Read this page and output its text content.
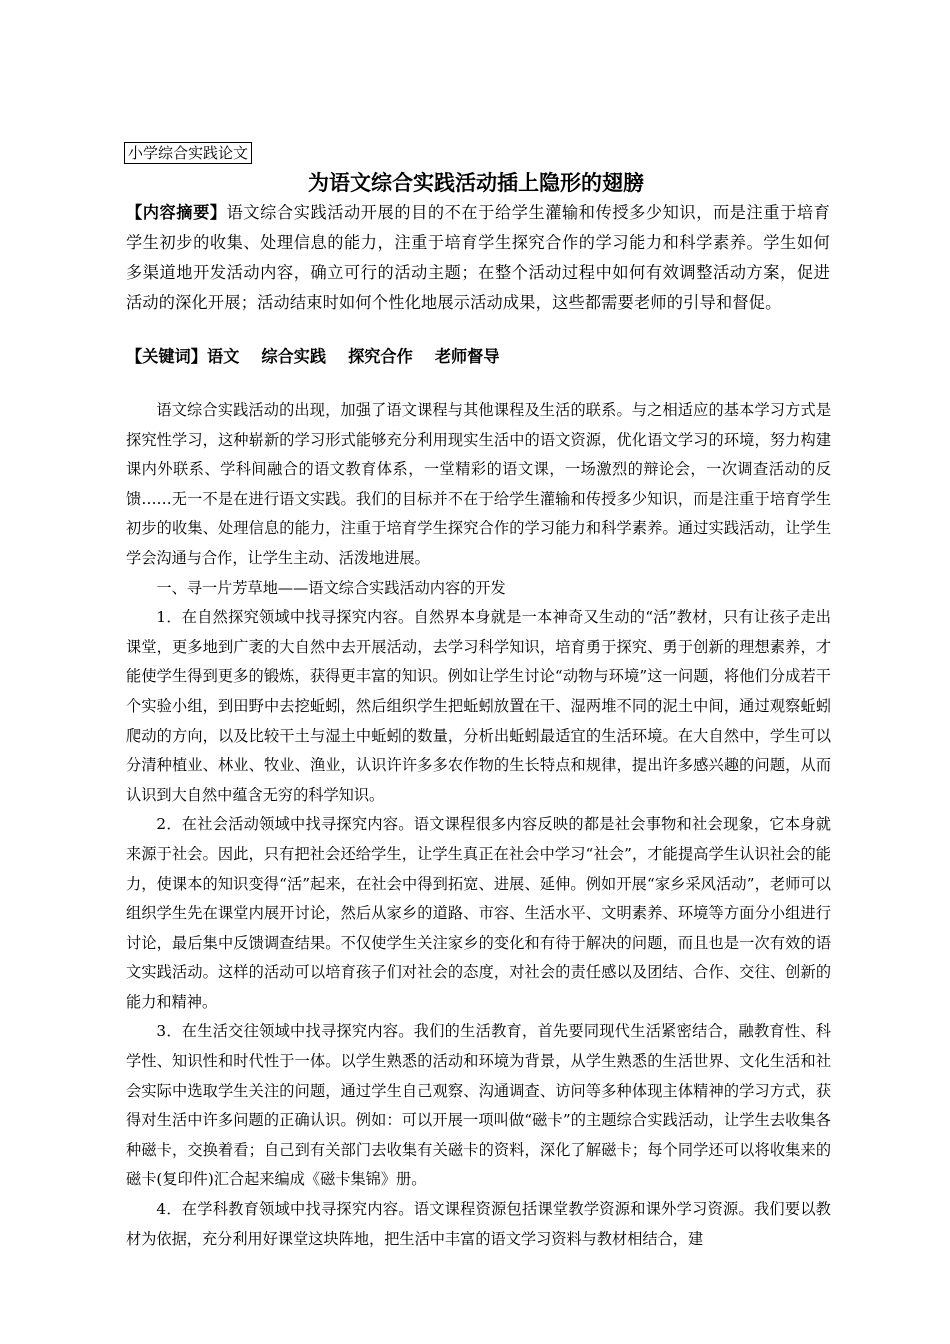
小学综合实践论文
为语文综合实践活动插上隐形的翅膀

【内容摘要】语文综合实践活动开展的目的不在于给学生灌输和传授多少知识，而是注重于培育学生初步的收集、处理信息的能力，注重于培育学生探究合作的学习能力和科学素养。学生如何多渠道地开发活动内容，确立可行的活动主题；在整个活动过程中如何有效调整活动方案，促进活动的深化开展；活动结束时如何个性化地展示活动成果，这些都需要老师的引导和督促。

【关键词】语文 综合实践 探究合作 老师督导

语文综合实践活动的出现，加强了语文课程与其他课程及生活的联系。与之相适应的基本学习方式是探究性学习，这种崭新的学习形式能够充分利用现实生活中的语文资源，优化语文学习的环境，努力构建课内外联系、学科间融合的语文教育体系，一堂精彩的语文课，一场激烈的辩论会，一次调查活动的反馈……无一不是在进行语文实践。我们的目标并不在于给学生灌输和传授多少知识，而是注重于培育学生初步的收集、处理信息的能力，注重于培育学生探究合作的学习能力和科学素养。通过实践活动，让学生学会沟通与合作，让学生主动、活泼地进展。

一、寻一片芳草地——语文综合实践活动内容的开发

1．在自然探究领域中找寻探究内容。自然界本身就是一本神奇又生动的“活”教材，只有让孩子走出课堂，更多地到广袤的大自然中去开展活动，去学习科学知识，培育勇于探究、勇于创新的理想素养，才能使学生得到更多的锻炼，获得更丰富的知识。例如让学生讨论“动物与环境”这一问题，将他们分成若干个实验小组，到田野中去挖蚯蚓，然后组织学生把蚯蚓放置在干、湿两堆不同的泥土中间，通过观察蚯蚓爬动的方向，以及比较干土与湿土中蚯蚓的数量，分析出蚯蚓最适宜的生活环境。在大自然中，学生可以分清种植业、林业、牧业、渔业，认识许许多多农作物的生长特点和规律，提出许多感兴趣的问题，从而认识到大自然中蕴含无穷的科学知识。

2．在社会活动领域中找寻探究内容。语文课程很多内容反映的都是社会事物和社会现象，它本身就来源于社会。因此，只有把社会还给学生，让学生真正在社会中学习“社会”，才能提高学生认识社会的能力，使课本的知识变得“活”起来，在社会中得到拓宽、进展、延伸。例如开展“家乡采风活动”，老师可以组织学生先在课堂内展开讨论，然后从家乡的道路、市容、生活水平、文明素养、环境等方面分小组进行讨论，最后集中反馈调查结果。不仅使学生关注家乡的变化和有待于解决的问题，而且也是一次有效的语文实践活动。这样的活动可以培育孩子们对社会的态度，对社会的责任感以及团结、合作、交往、创新的能力和精神。

3．在生活交往领域中找寻探究内容。我们的生活教育，首先要同现代生活紧密结合，融教育性、科学性、知识性和时代性于一体。以学生熟悉的活动和环境为背景，从学生熟悉的生活世界、文化生活和社会实际中选取学生关注的问题，通过学生自己观察、沟通调查、访问等多种体现主体精神的学习方式，获得对生活中许多问题的正确认识。例如：可以开展一项叫做“磁卡”的主题综合实践活动，让学生去收集各种磁卡，交换着看；自己到有关部门去收集有关磁卡的资料，深化了解磁卡；每个同学还可以将收集来的磁卡(复印件)汇合起来编成《磁卡集锦》册。

4．在学科教育领域中找寻探究内容。语文课程资源包括课堂教学资源和课外学习资源。我们要以教材为依据，充分利用好课堂这块阵地，把生活中丰富的语文学习资料与教材相结合，建
